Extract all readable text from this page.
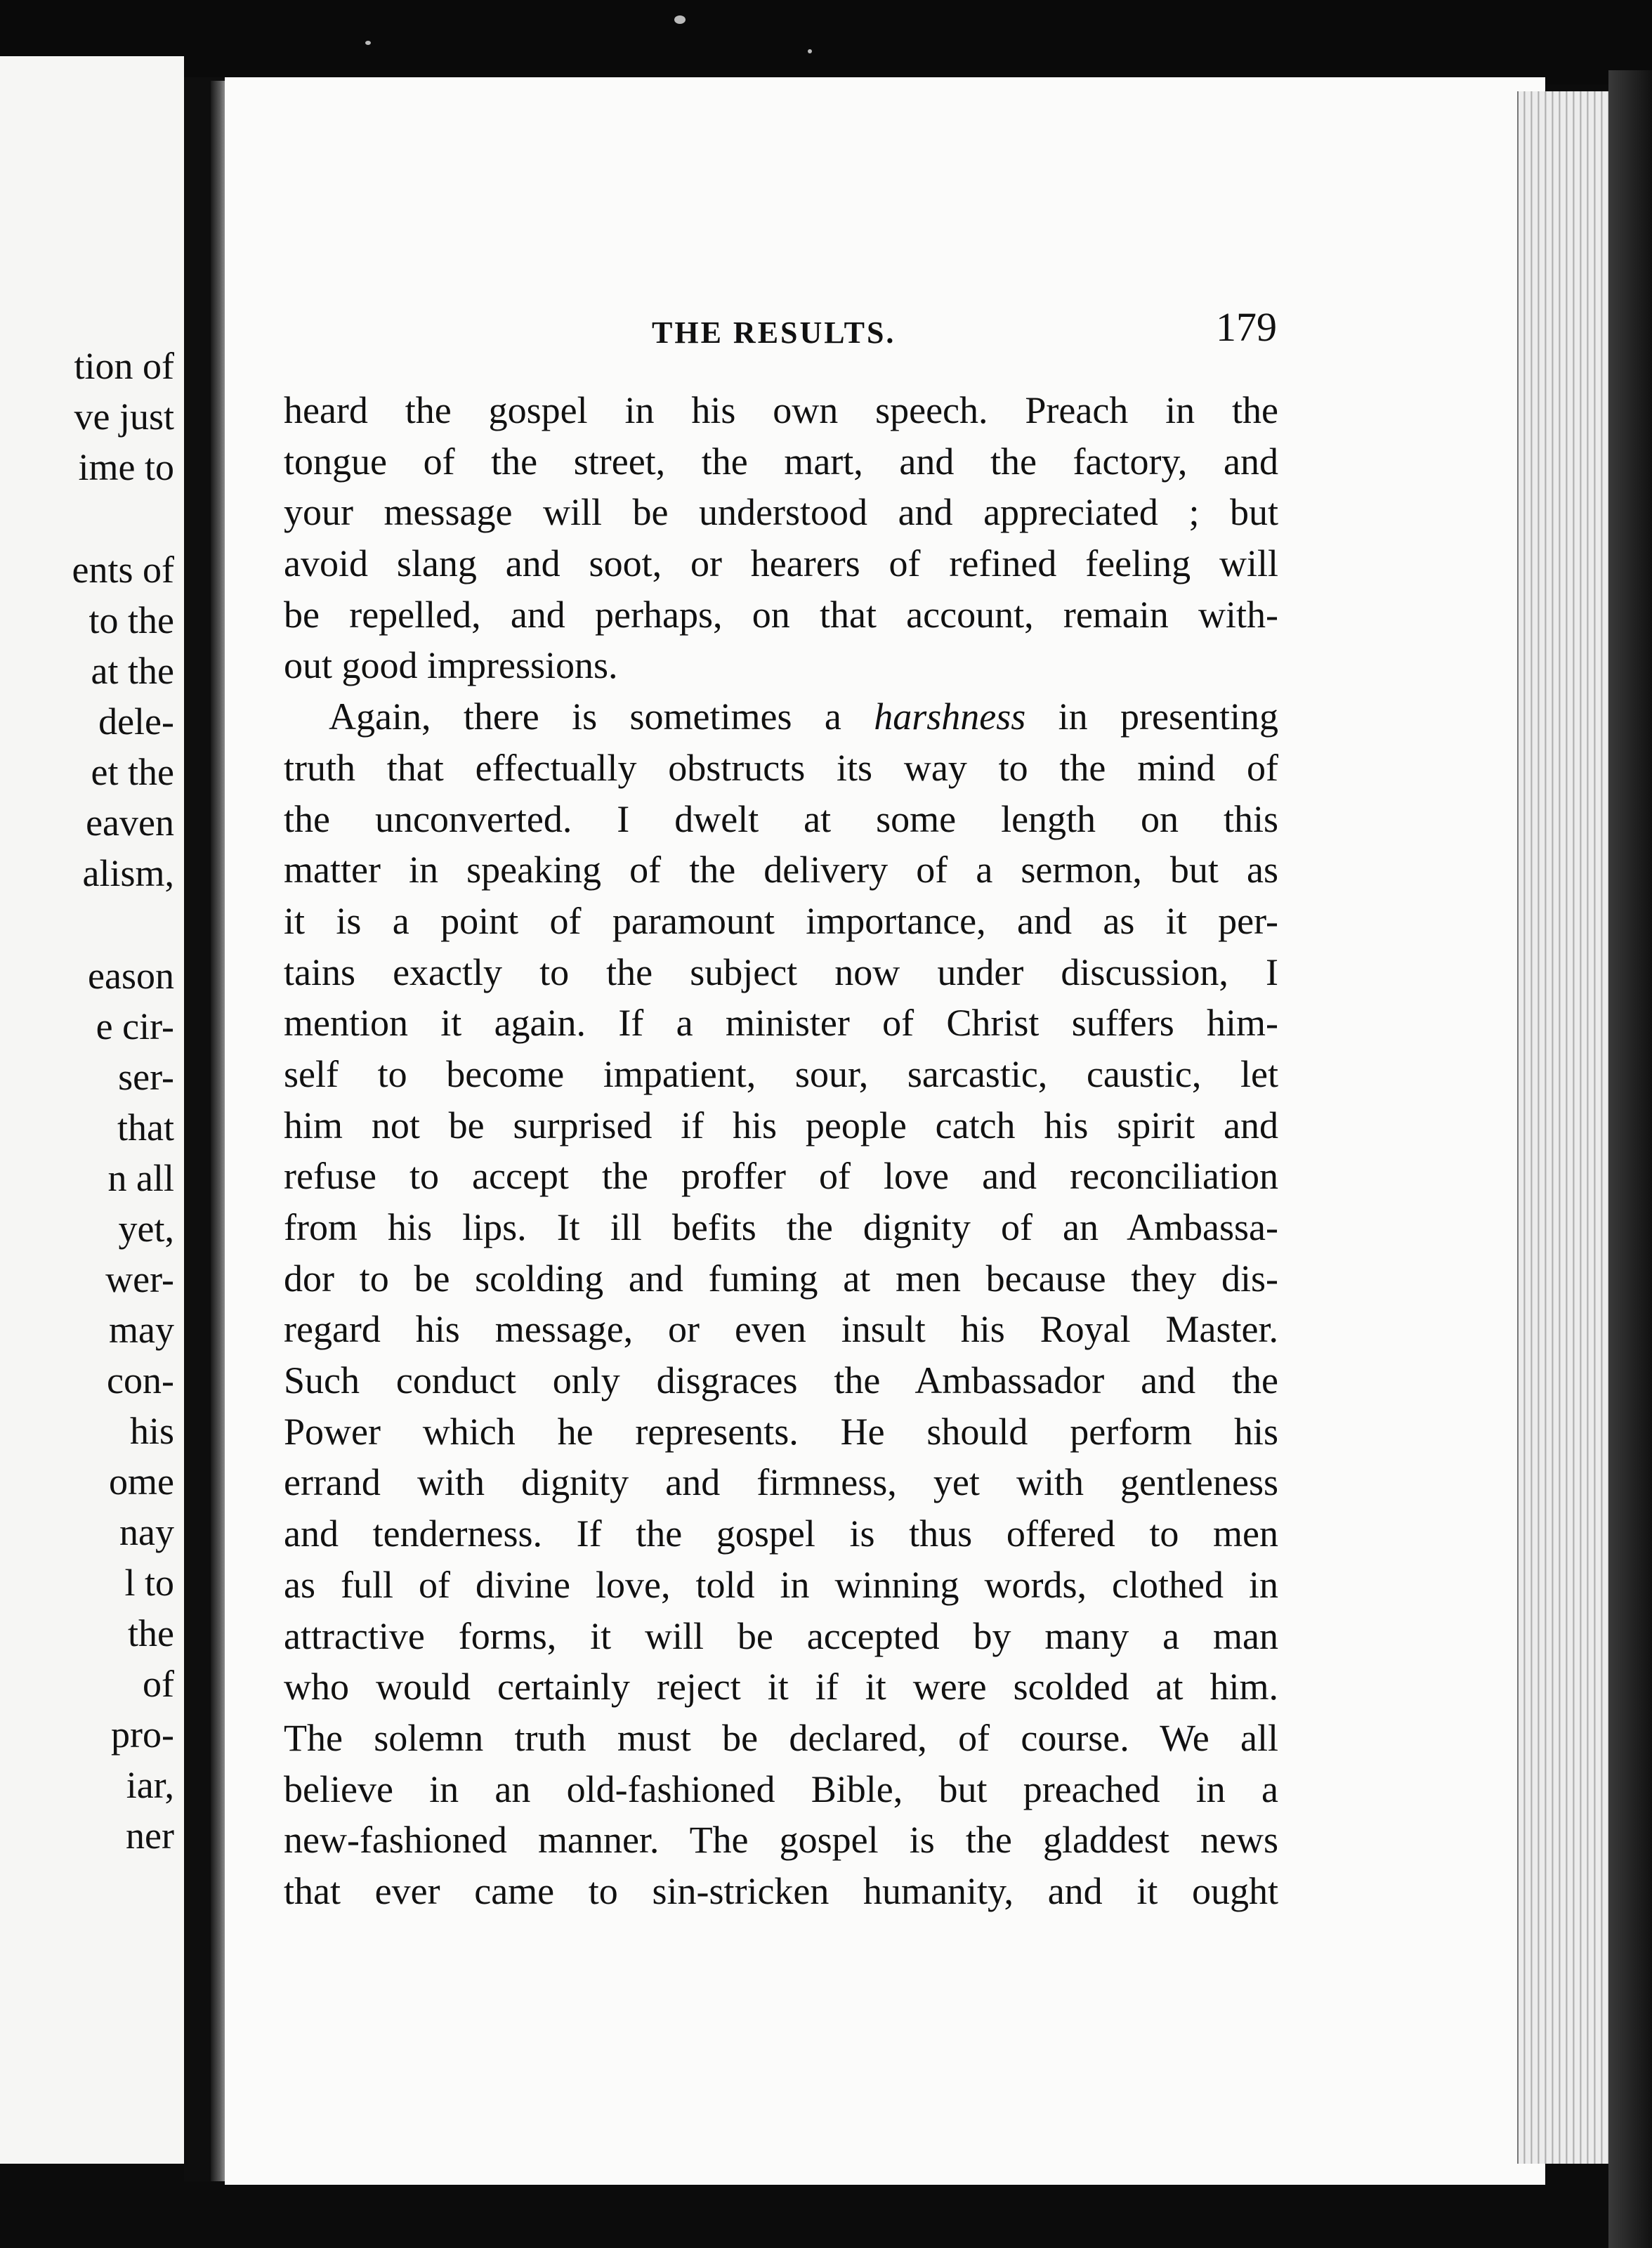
tion of
ve just
ime to
ents of
to the
at the
dele-
et the
eaven
alism,
eason
e cir-
ser-
that
n all
yet,
wer-
may
con-
his
ome
nay
l to
the
of
pro-
iar,
ner
THE RESULTS.	179
heard the gospel in his own speech. Preach in the
tongue of the street, the mart, and the factory, and
your message will be understood and appreciated ; but
avoid slang and soot, or hearers of refined feeling will
be repelled, and perhaps, on that account, remain with-
out good impressions.
Again, there is sometimes a harshness in presenting
truth that effectually obstructs its way to the mind of
the unconverted. I dwelt at some length on this
matter in speaking of the delivery of a sermon, but as
it is a point of paramount importance, and as it per-
tains exactly to the subject now under discussion, I
mention it again. If a minister of Christ suffers him-
self to become impatient, sour, sarcastic, caustic, let
him not be surprised if his people catch his spirit and
refuse to accept the proffer of love and reconciliation
from his lips. It ill befits the dignity of an Ambassa-
dor to be scolding and fuming at men because they dis-
regard his message, or even insult his Royal Master.
Such conduct only disgraces the Ambassador and the
Power which he represents. He should perform his
errand with dignity and firmness, yet with gentleness
and tenderness. If the gospel is thus offered to men
as full of divine love, told in winning words, clothed in
attractive forms, it will be accepted by many a man
who would certainly reject it if it were scolded at him.
The solemn truth must be declared, of course. We all
believe in an old-fashioned Bible, but preached in a
new-fashioned manner. The gospel is the gladdest news
that ever came to sin-stricken humanity, and it ought
